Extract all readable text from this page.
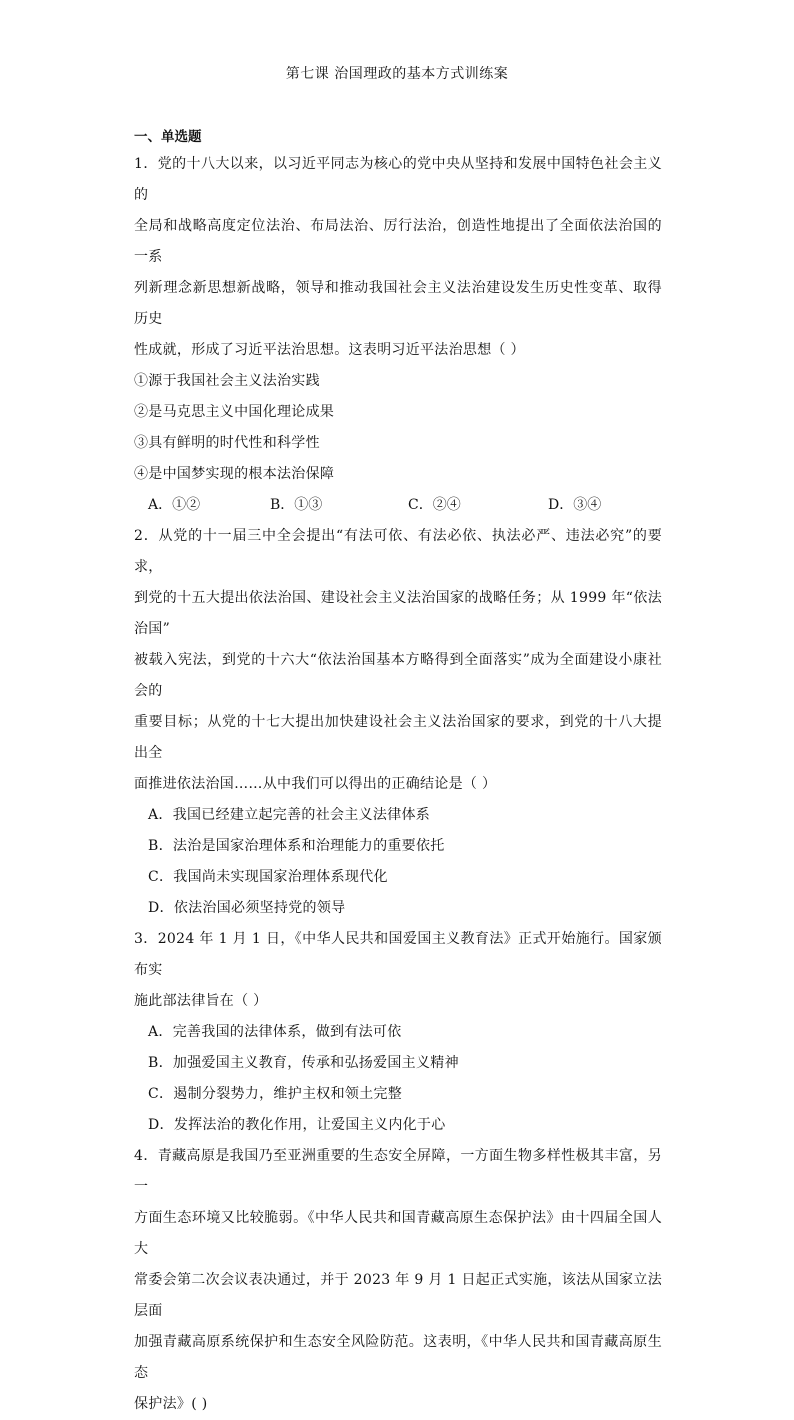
第七课 治国理政的基本方式训练案
一、单选题

1．党的十八大以来，以习近平同志为核心的党中央从坚持和发展中国特色社会主义的

全局和战略高度定位法治、布局法治、厉行法治，创造性地提出了全面依法治国的一系

列新理念新思想新战略，领导和推动我国社会主义法治建设发生历史性变革、取得历史

性成就，形成了习近平法治思想。这表明习近平法治思想（ ）

①源于我国社会主义法治实践

②是马克思主义中国化理论成果

③具有鲜明的时代性和科学性

④是中国梦实现的根本法治保障

A．①②	B．①③	C．②④	D．③④

2．从党的十一届三中全会提出“有法可依、有法必依、执法必严、违法必究”的要求，

到党的十五大提出依法治国、建设社会主义法治国家的战略任务；从 1999 年“依法治国”

被载入宪法，到党的十六大“依法治国基本方略得到全面落实”成为全面建设小康社会的

重要目标；从党的十七大提出加快建设社会主义法治国家的要求，到党的十八大提出全

面推进依法治国……从中我们可以得出的正确结论是（ ）

A．我国已经建立起完善的社会主义法律体系

B．法治是国家治理体系和治理能力的重要依托

C．我国尚未实现国家治理体系现代化

D．依法治国必须坚持党的领导

3．2024 年 1 月 1 日，《中华人民共和国爱国主义教育法》正式开始施行。国家颁布实

施此部法律旨在（ ）

A．完善我国的法律体系，做到有法可依

B．加强爱国主义教育，传承和弘扬爱国主义精神

C．遏制分裂势力，维护主权和领土完整

D．发挥法治的教化作用，让爱国主义内化于心

4．青藏高原是我国乃至亚洲重要的生态安全屏障，一方面生物多样性极其丰富，另一

方面生态环境又比较脆弱。《中华人民共和国青藏高原生态保护法》由十四届全国人大

常委会第二次会议表决通过，并于 2023 年 9 月 1 日起正式实施，该法从国家立法层面

加强青藏高原系统保护和生态安全风险防范。这表明，《中华人民共和国青藏高原生态

保护法》( )
